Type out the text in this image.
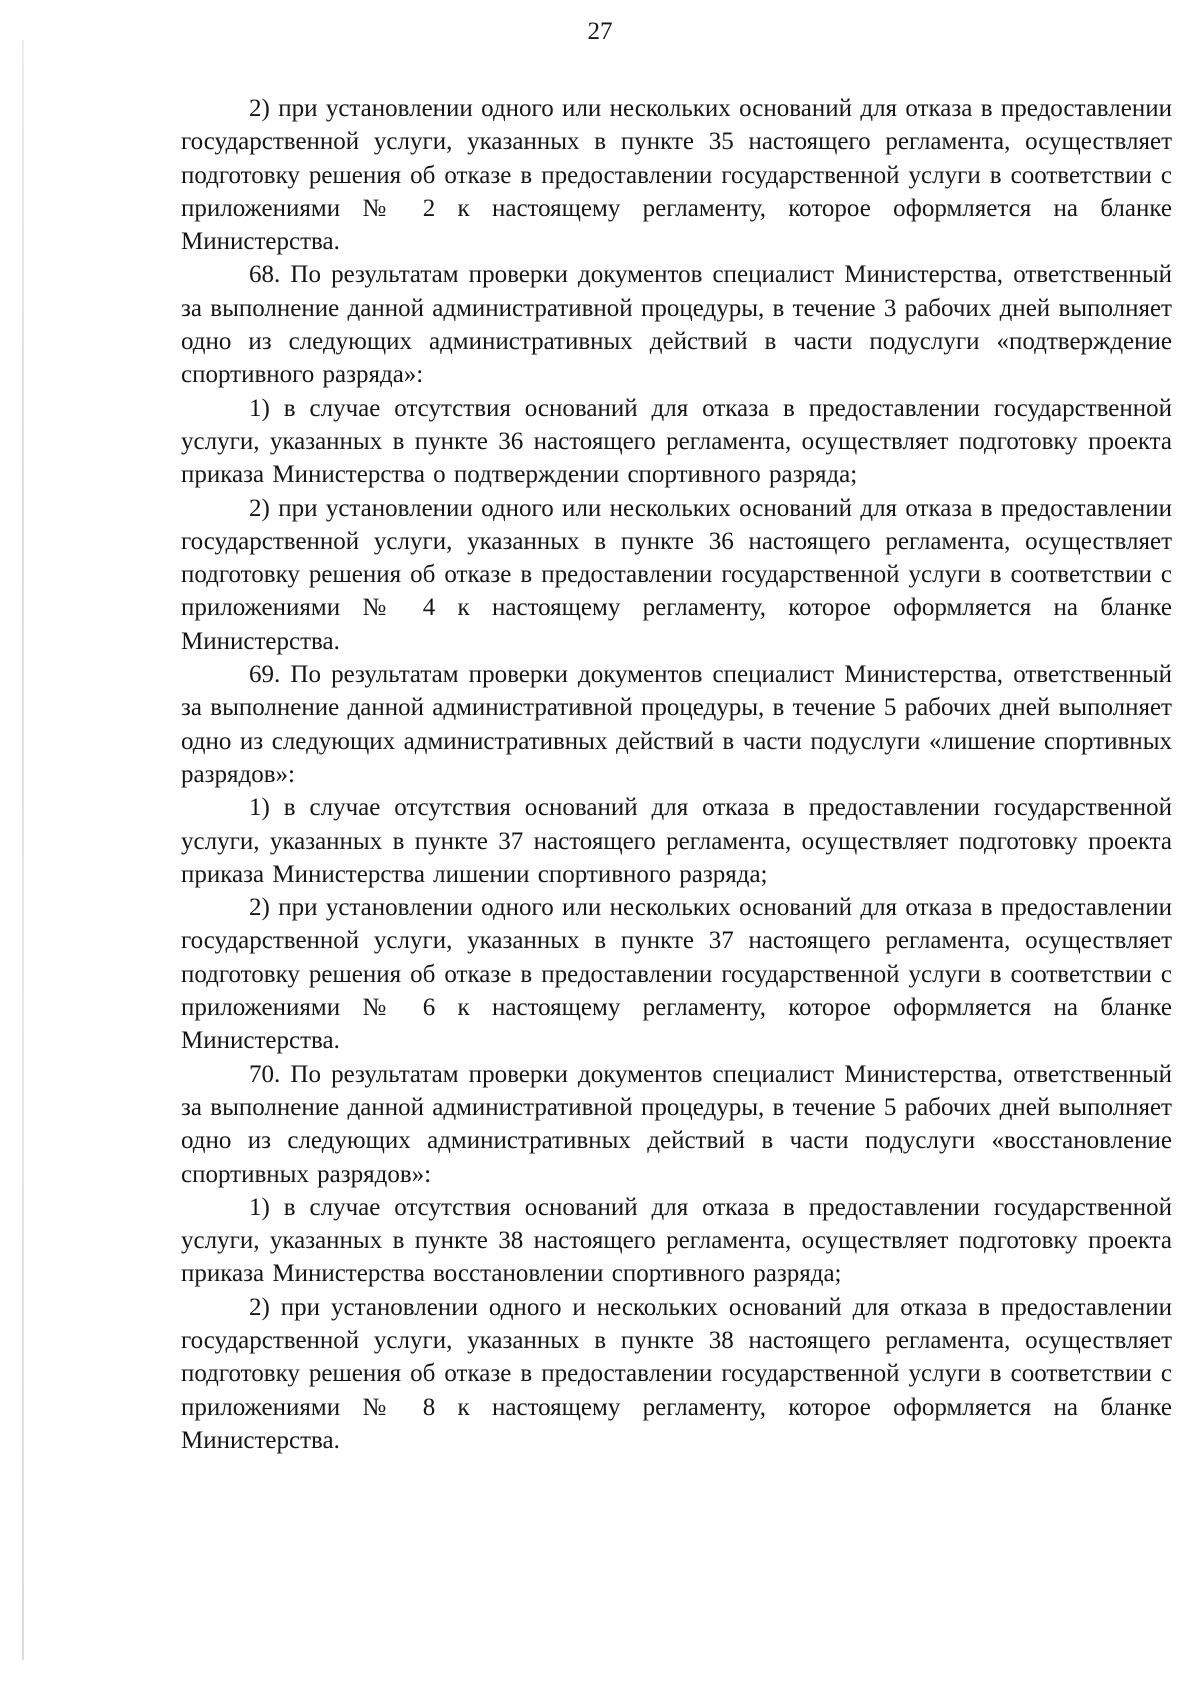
27

2) при установлении одного или нескольких оснований для отказа в предоставлении государственной услуги, указанных в пункте 35 настоящего регламента, осуществляет подготовку решения об отказе в предоставлении государственной услуги в соответствии с приложениями № 2 к настоящему регламенту, которое оформляется на бланке Министерства.

68. По результатам проверки документов специалист Министерства, ответственный за выполнение данной административной процедуры, в течение 3 рабочих дней выполняет одно из следующих административных действий в части подуслуги «подтверждение спортивного разряда»:

1) в случае отсутствия оснований для отказа в предоставлении государственной услуги, указанных в пункте 36 настоящего регламента, осуществляет подготовку проекта приказа Министерства о подтверждении спортивного разряда;

2) при установлении одного или нескольких оснований для отказа в предоставлении государственной услуги, указанных в пункте 36 настоящего регламента, осуществляет подготовку решения об отказе в предоставлении государственной услуги в соответствии с приложениями № 4 к настоящему регламенту, которое оформляется на бланке Министерства.

69. По результатам проверки документов специалист Министерства, ответственный за выполнение данной административной процедуры, в течение 5 рабочих дней выполняет одно из следующих административных действий в части подуслуги «лишение спортивных разрядов»:

1) в случае отсутствия оснований для отказа в предоставлении государственной услуги, указанных в пункте 37 настоящего регламента, осуществляет подготовку проекта приказа Министерства лишении спортивного разряда;

2) при установлении одного или нескольких оснований для отказа в предоставлении государственной услуги, указанных в пункте 37 настоящего регламента, осуществляет подготовку решения об отказе в предоставлении государственной услуги в соответствии с приложениями № 6 к настоящему регламенту, которое оформляется на бланке Министерства.

70. По результатам проверки документов специалист Министерства, ответственный за выполнение данной административной процедуры, в течение 5 рабочих дней выполняет одно из следующих административных действий в части подуслуги «восстановление спортивных разрядов»:

1) в случае отсутствия оснований для отказа в предоставлении государственной услуги, указанных в пункте 38 настоящего регламента, осуществляет подготовку проекта приказа Министерства восстановлении спортивного разряда;

2) при установлении одного и нескольких оснований для отказа в предоставлении государственной услуги, указанных в пункте 38 настоящего регламента, осуществляет подготовку решения об отказе в предоставлении государственной услуги в соответствии с приложениями № 8 к настоящему регламенту, которое оформляется на бланке Министерства.
